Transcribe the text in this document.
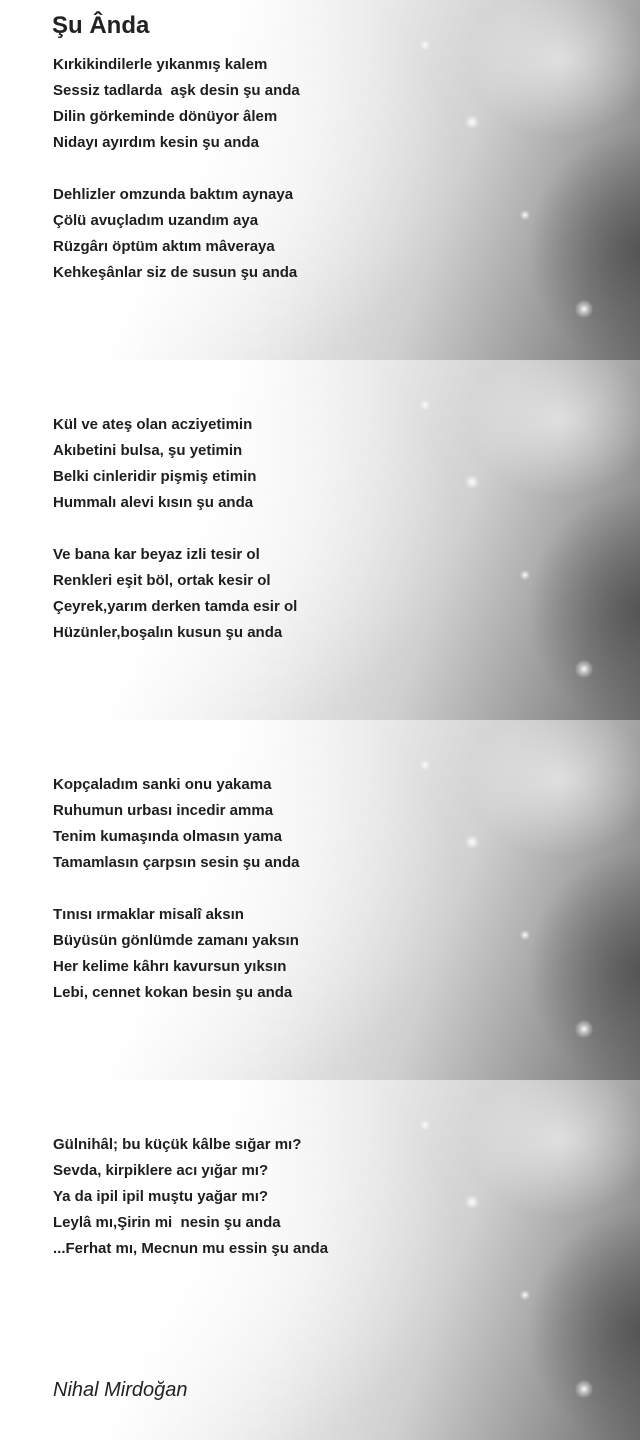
Şu Ânda
Kırkikindilerle yıkanmış kalem
Sessiz tadlarda  aşk desin şu anda
Dilin görkeminde dönüyor âlem
Nidayı ayırdım kesin şu anda
Dehlizler omzunda baktım aynaya
Çölü avuçladım uzandım aya
Rüzgârı öptüm aktım mâveraya
Kehkeşânlar siz de susun şu anda
Kül ve ateş olan acziyetimin
Akıbetini bulsa, şu yetimin
Belki cinleridir pişmiş etimin
Hummalı alevi kısın şu anda
Ve bana kar beyaz izli tesir ol
Renkleri eşit böl, ortak kesir ol
Çeyrek,yarım derken tamda esir ol
Hüzünler,boşalın kusun şu anda
Kopçaladım sanki onu yakama
Ruhumun urbası incedir amma
Tenim kumaşında olmasın yama
Tamamlasın çarpsın sesin şu anda
Tınısı ırmaklar misalî aksın
Büyüsün gönlümde zamanı yaksın
Her kelime kâhrı kavursun yıksın
Lebi, cennet kokan besin şu anda
Gülnihâl; bu küçük kâlbe sığar mı?
Sevda, kirpiklere acı yığar mı?
Ya da ipil ipil muştu yağar mı?
Leylâ mı,Şirin mi  nesin şu anda
...Ferhat mı, Mecnun mu essin şu anda
Nihal Mirdoğan
